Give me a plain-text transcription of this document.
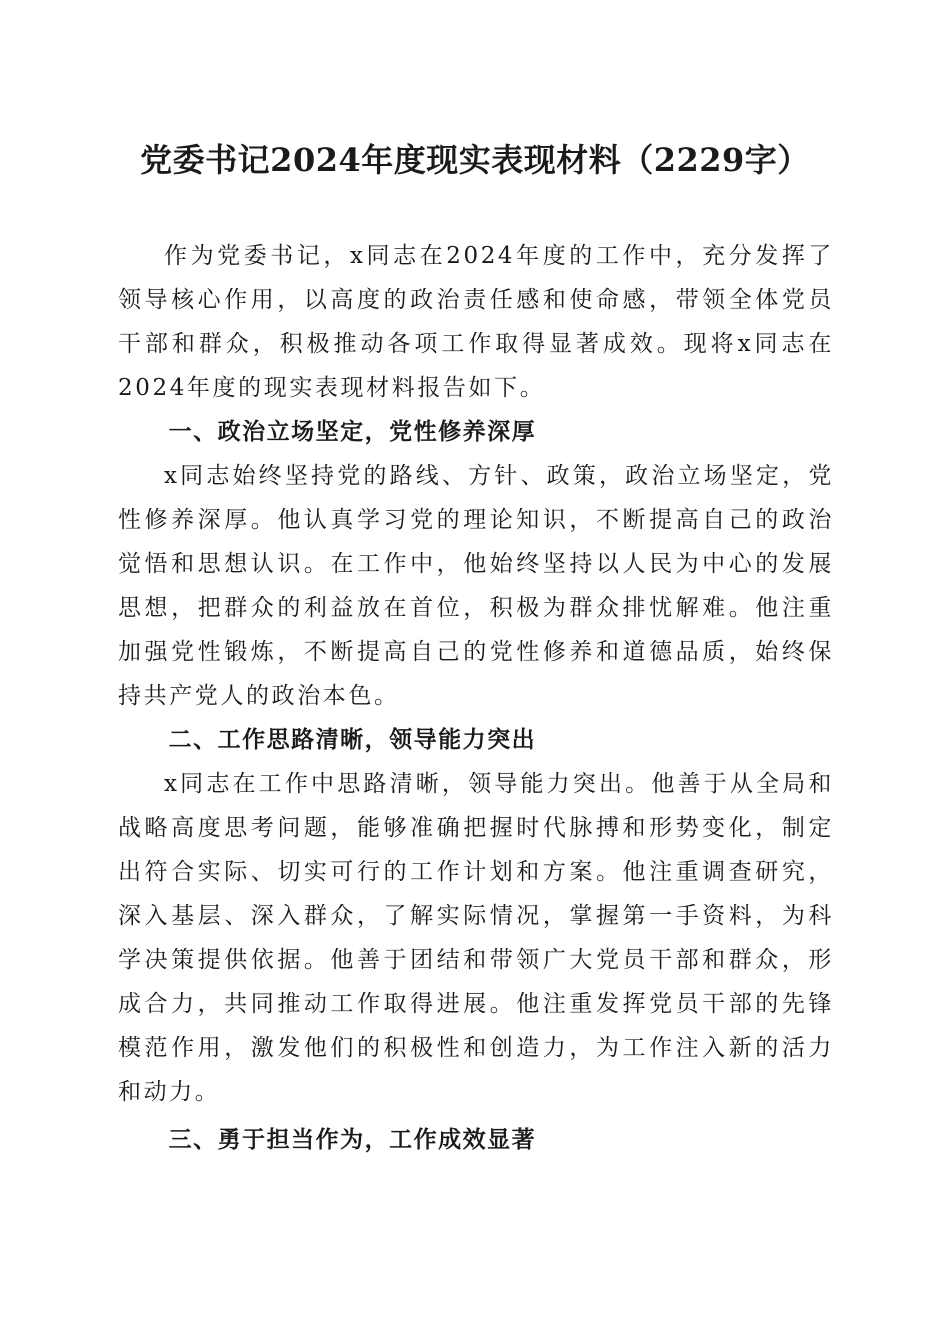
党委书记2024年度现实表现材料（2229字）

作为党委书记，x同志在2024年度的工作中，充分发挥了领导核心作用，以高度的政治责任感和使命感，带领全体党员干部和群众，积极推动各项工作取得显著成效。现将x同志在2024年度的现实表现材料报告如下。

一、政治立场坚定，党性修养深厚

x同志始终坚持党的路线、方针、政策，政治立场坚定，党性修养深厚。他认真学习党的理论知识，不断提高自己的政治觉悟和思想认识。在工作中，他始终坚持以人民为中心的发展思想，把群众的利益放在首位，积极为群众排忧解难。他注重加强党性锻炼，不断提高自己的党性修养和道德品质，始终保持共产党人的政治本色。

二、工作思路清晰，领导能力突出

x同志在工作中思路清晰，领导能力突出。他善于从全局和战略高度思考问题，能够准确把握时代脉搏和形势变化，制定出符合实际、切实可行的工作计划和方案。他注重调查研究，深入基层、深入群众，了解实际情况，掌握第一手资料，为科学决策提供依据。他善于团结和带领广大党员干部和群众，形成合力，共同推动工作取得进展。他注重发挥党员干部的先锋模范作用，激发他们的积极性和创造力，为工作注入新的活力和动力。

三、勇于担当作为，工作成效显著
